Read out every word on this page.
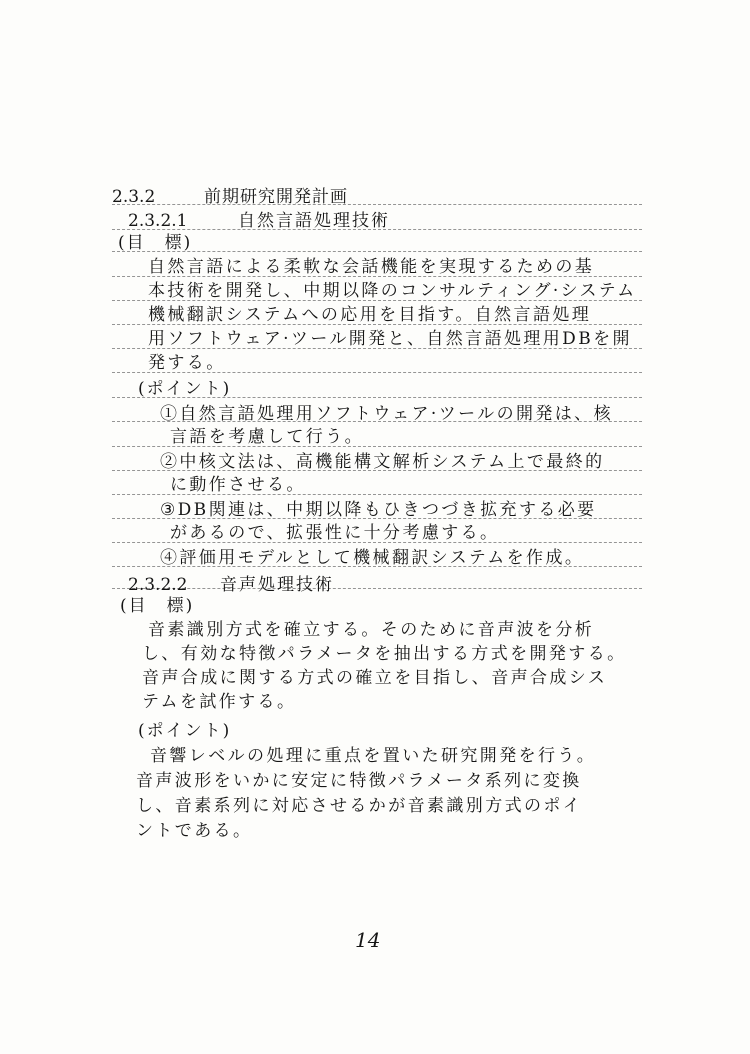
2.3.2	前期研究開発計画
2.3.2.1	自然言語処理技術
(目　標)
自然言語による柔軟な会話機能を実現するための基
本技術を開発し、中期以降のコンサルティング·システム
機械翻訳システムへの応用を目指す。自然言語処理
用ソフトウェア·ツール開発と、自然言語処理用DBを開
発する。
(ポイント)
①自然言語処理用ソフトウェア·ツールの開発は、核
言語を考慮して行う。
②中核文法は、高機能構文解析システム上で最終的
に動作させる。
③DB関連は、中期以降もひきつづき拡充する必要
があるので、拡張性に十分考慮する。
④評価用モデルとして機械翻訳システムを作成。
2.3.2.2 音声処理技術
(目　標)
音素識別方式を確立する。そのために音声波を分析
し、有効な特徴パラメータを抽出する方式を開発する。
音声合成に関する方式の確立を目指し、音声合成シス
テムを試作する。
(ポイント)
音響レベルの処理に重点を置いた研究開発を行う。
音声波形をいかに安定に特徴パラメータ系列に変換
し、音素系列に対応させるかが音素識別方式のポイ
ントである。
14
